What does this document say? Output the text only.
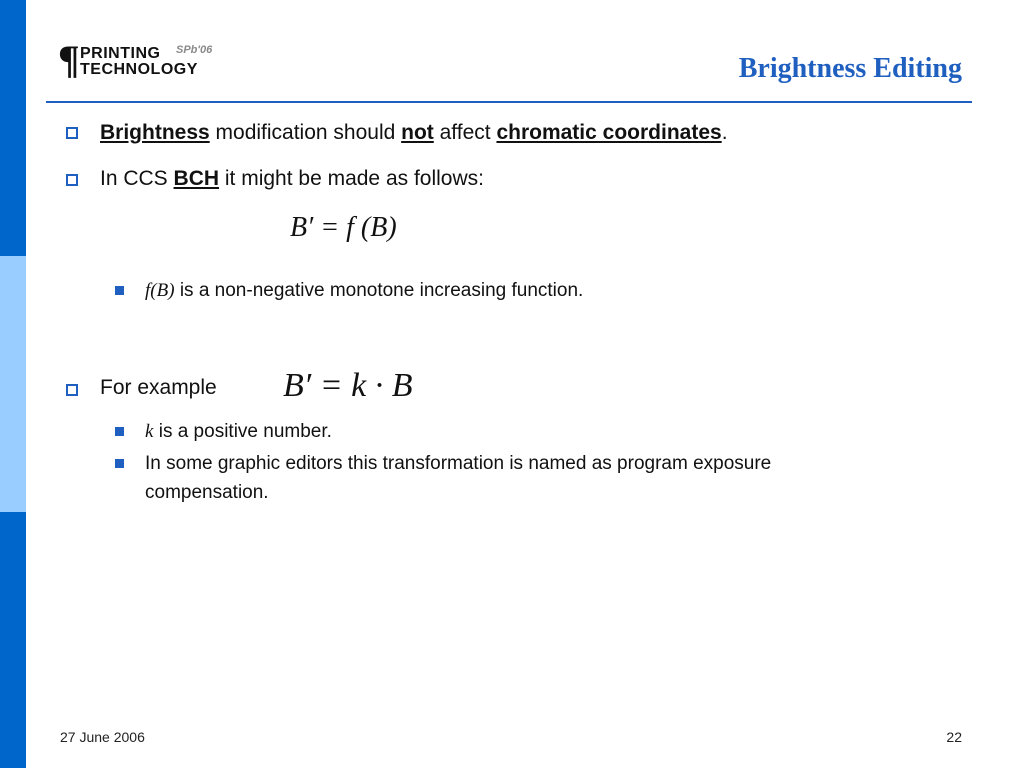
¶ PRINTING
TECHNOLOGY
SPb'06
Brightness Editing
Brightness modification should not affect chromatic coordinates.
In CCS BCH it might be made as follows:
B′ = f (B)
f(B) is a non-negative monotone increasing function.
For example B′ = k · B
k is a positive number.
In some graphic editors this transformation is named as program exposure
compensation.
27 June 2006	22
